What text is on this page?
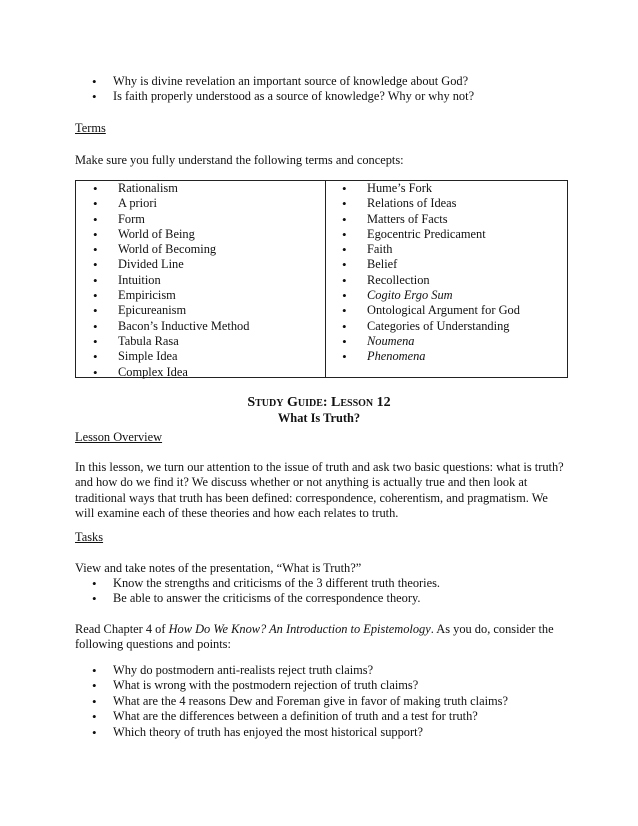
• Why is divine revelation an important source of knowledge about God?
• Is faith properly understood as a source of knowledge? Why or why not?

Terms

Make sure you fully understand the following terms and concepts:

• Rationalism
• A priori
• Form
• World of Being
• World of Becoming
• Divided Line
• Intuition
• Empiricism
• Epicureanism
• Bacon’s Inductive Method
• Tabula Rasa
• Simple Idea
• Complex Idea
• Hume’s Fork
• Relations of Ideas
• Matters of Facts
• Egocentric Predicament
• Faith
• Belief
• Recollection
• Cogito Ergo Sum
• Ontological Argument for God
• Categories of Understanding
• Noumena
• Phenomena
Study Guide: Lesson 12
What Is Truth?

Lesson Overview

In this lesson, we turn our attention to the issue of truth and ask two basic questions: what is truth? and how do we find it? We discuss whether or not anything is actually true and then look at traditional ways that truth has been defined: correspondence, coherentism, and pragmatism. We will examine each of these theories and how each relates to truth.

Tasks

View and take notes of the presentation, “What is Truth?”

• Know the strengths and criticisms of the 3 different truth theories.
• Be able to answer the criticisms of the correspondence theory.

Read Chapter 4 of How Do We Know? An Introduction to Epistemology. As you do, consider the following questions and points:

• Why do postmodern anti-realists reject truth claims?
• What is wrong with the postmodern rejection of truth claims?
• What are the 4 reasons Dew and Foreman give in favor of making truth claims?
• What are the differences between a definition of truth and a test for truth?
• Which theory of truth has enjoyed the most historical support?
